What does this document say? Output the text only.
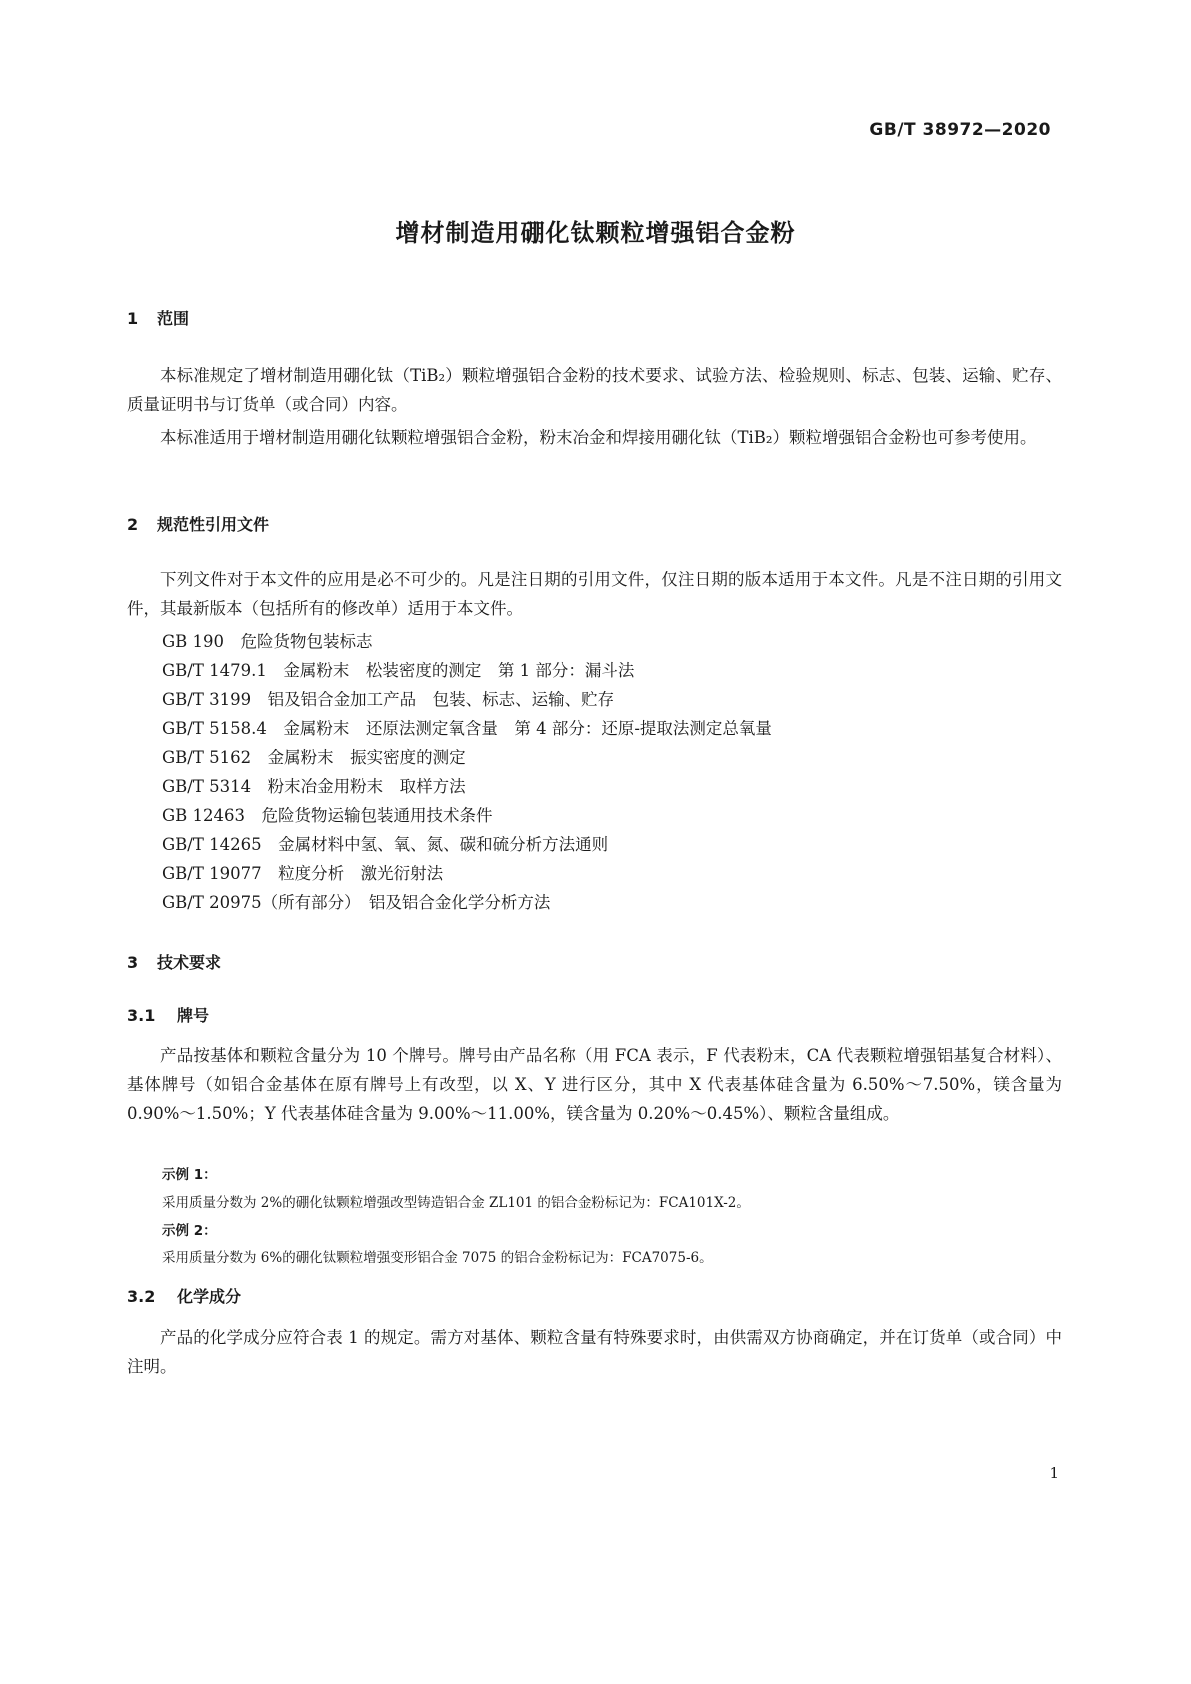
GB/T 38972—2020
增材制造用硼化钛颗粒增强铝合金粉
1 范围

本标准规定了增材制造用硼化钛（TiB₂）颗粒增强铝合金粉的技术要求、试验方法、检验规则、标志、包装、运输、贮存、质量证明书与订货单（或合同）内容。

本标准适用于增材制造用硼化钛颗粒增强铝合金粉，粉末冶金和焊接用硼化钛（TiB₂）颗粒增强铝合金粉也可参考使用。

2 规范性引用文件

下列文件对于本文件的应用是必不可少的。凡是注日期的引用文件，仅注日期的版本适用于本文件。凡是不注日期的引用文件，其最新版本（包括所有的修改单）适用于本文件。

GB 190　 危险货物包装标志
GB/T 1479.1　 金属粉末　松装密度的测定　第 1 部分：漏斗法
GB/T 3199　 铝及铝合金加工产品　包装、标志、运输、贮存
GB/T 5158.4　 金属粉末　还原法测定氧含量　第 4 部分：还原-提取法测定总氧量
GB/T 5162　 金属粉末　振实密度的测定
GB/T 5314　 粉末冶金用粉末　取样方法
GB 12463　 危险货物运输包装通用技术条件
GB/T 14265　 金属材料中氢、氧、氮、碳和硫分析方法通则
GB/T 19077　 粒度分析　激光衍射法
GB/T 20975（所有部分）　 铝及铝合金化学分析方法
3 技术要求
3.1 牌号

产品按基体和颗粒含量分为 10 个牌号。牌号由产品名称（用 FCA 表示，F 代表粉末，CA 代表颗粒增强铝基复合材料）、基体牌号（如铝合金基体在原有牌号上有改型，以 X、Y 进行区分，其中 X 代表基体硅含量为 6.50%～7.50%，镁含量为 0.90%～1.50%；Y 代表基体硅含量为 9.00%～11.00%，镁含量为 0.20%～0.45%）、颗粒含量组成。

示例 1：
采用质量分数为 2%的硼化钛颗粒增强改型铸造铝合金 ZL101 的铝合金粉标记为：FCA101X-2。
示例 2：
采用质量分数为 6%的硼化钛颗粒增强变形铝合金 7075 的铝合金粉标记为：FCA7075-6。
3.2 化学成分

产品的化学成分应符合表 1 的规定。需方对基体、颗粒含量有特殊要求时，由供需双方协商确定，并在订货单（或合同）中注明。

1
